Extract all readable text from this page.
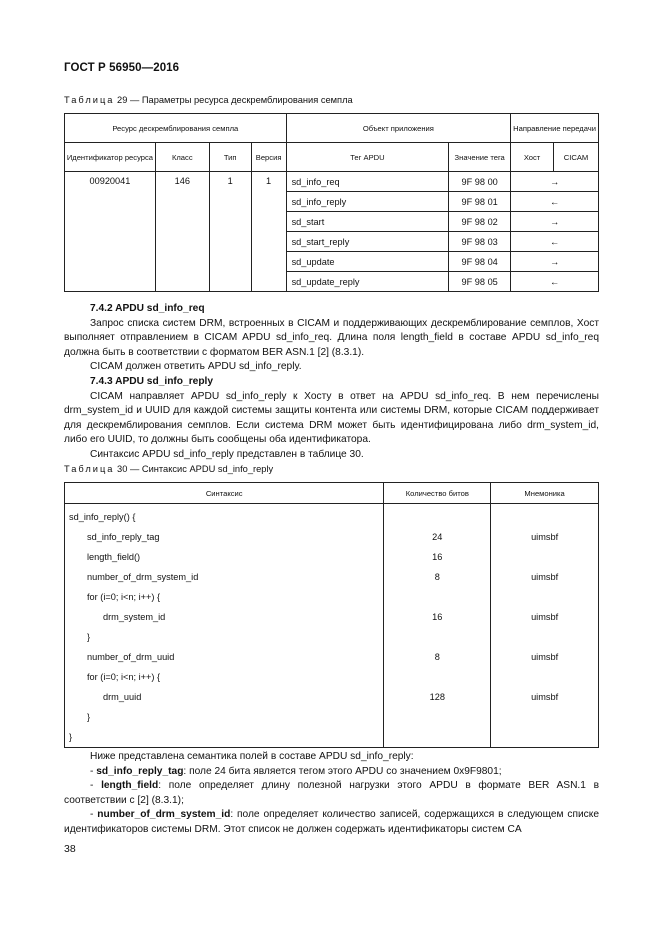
ГОСТ Р 56950—2016
Таблица 29 — Параметры ресурса дескремблирования семпла
Ресурс дескремблирования семпла				Объект приложения		Направление передачи	
Идентификатор ресурса	Класс	Тип	Версия	Тег APDU	Значение тега	Хост	CICAM
00920041	146	1	1	sd_info_req	9F 98 00	→	
				sd_info_reply	9F 98 01	←	
				sd_start	9F 98 02	→	
				sd_start_reply	9F 98 03	←	
				sd_update	9F 98 04	→	
				sd_update_reply	9F 98 05	←	

7.4.2 APDU sd_info_req

Запрос списка систем DRM, встроенных в CICAM и поддерживающих дескремблирование семплов, Хост выполняет отправлением в CICAM APDU sd_info_req. Длина поля length_field в составе APDU sd_info_req должна быть в соответствии с форматом BER ASN.1 [2] (8.3.1).

CICAM должен ответить APDU sd_info_reply.

7.4.3 APDU sd_info_reply

CICAM направляет APDU sd_info_reply к Хосту в ответ на APDU sd_info_req. В нем перечислены drm_system_id и UUID для каждой системы защиты контента или системы DRM, которые CICAM поддерживает для дескремблирования семплов. Если система DRM может быть идентифицирована либо drm_system_id, либо его UUID, то должны быть сообщены оба идентификатора.

Синтаксис APDU sd_info_reply представлен в таблице 30.

Таблица 30 — Синтаксис APDU sd_info_reply
Синтаксис	Количество битов	Мнемоника
sd_info_reply() {		
sd_info_reply_tag	24	uimsbf
length_field()	16	
number_of_drm_system_id	8	uimsbf
for (i=0; i<n; i++) {		
drm_system_id	16	uimsbf
}		
number_of_drm_uuid	8	uimsbf
for (i=0; i<n; i++) {		
drm_uuid	128	uimsbf
}		
}		

Ниже представлена семантика полей в составе APDU sd_info_reply:

- sd_info_reply_tag: поле 24 бита является тегом этого APDU со значением 0x9F9801;

- length_field: поле определяет длину полезной нагрузки этого APDU в формате BER ASN.1 в соответствии с [2] (8.3.1);

- number_of_drm_system_id: поле определяет количество записей, содержащихся в следующем списке идентификаторов системы DRM. Этот список не должен содержать идентификаторы систем CA

38
